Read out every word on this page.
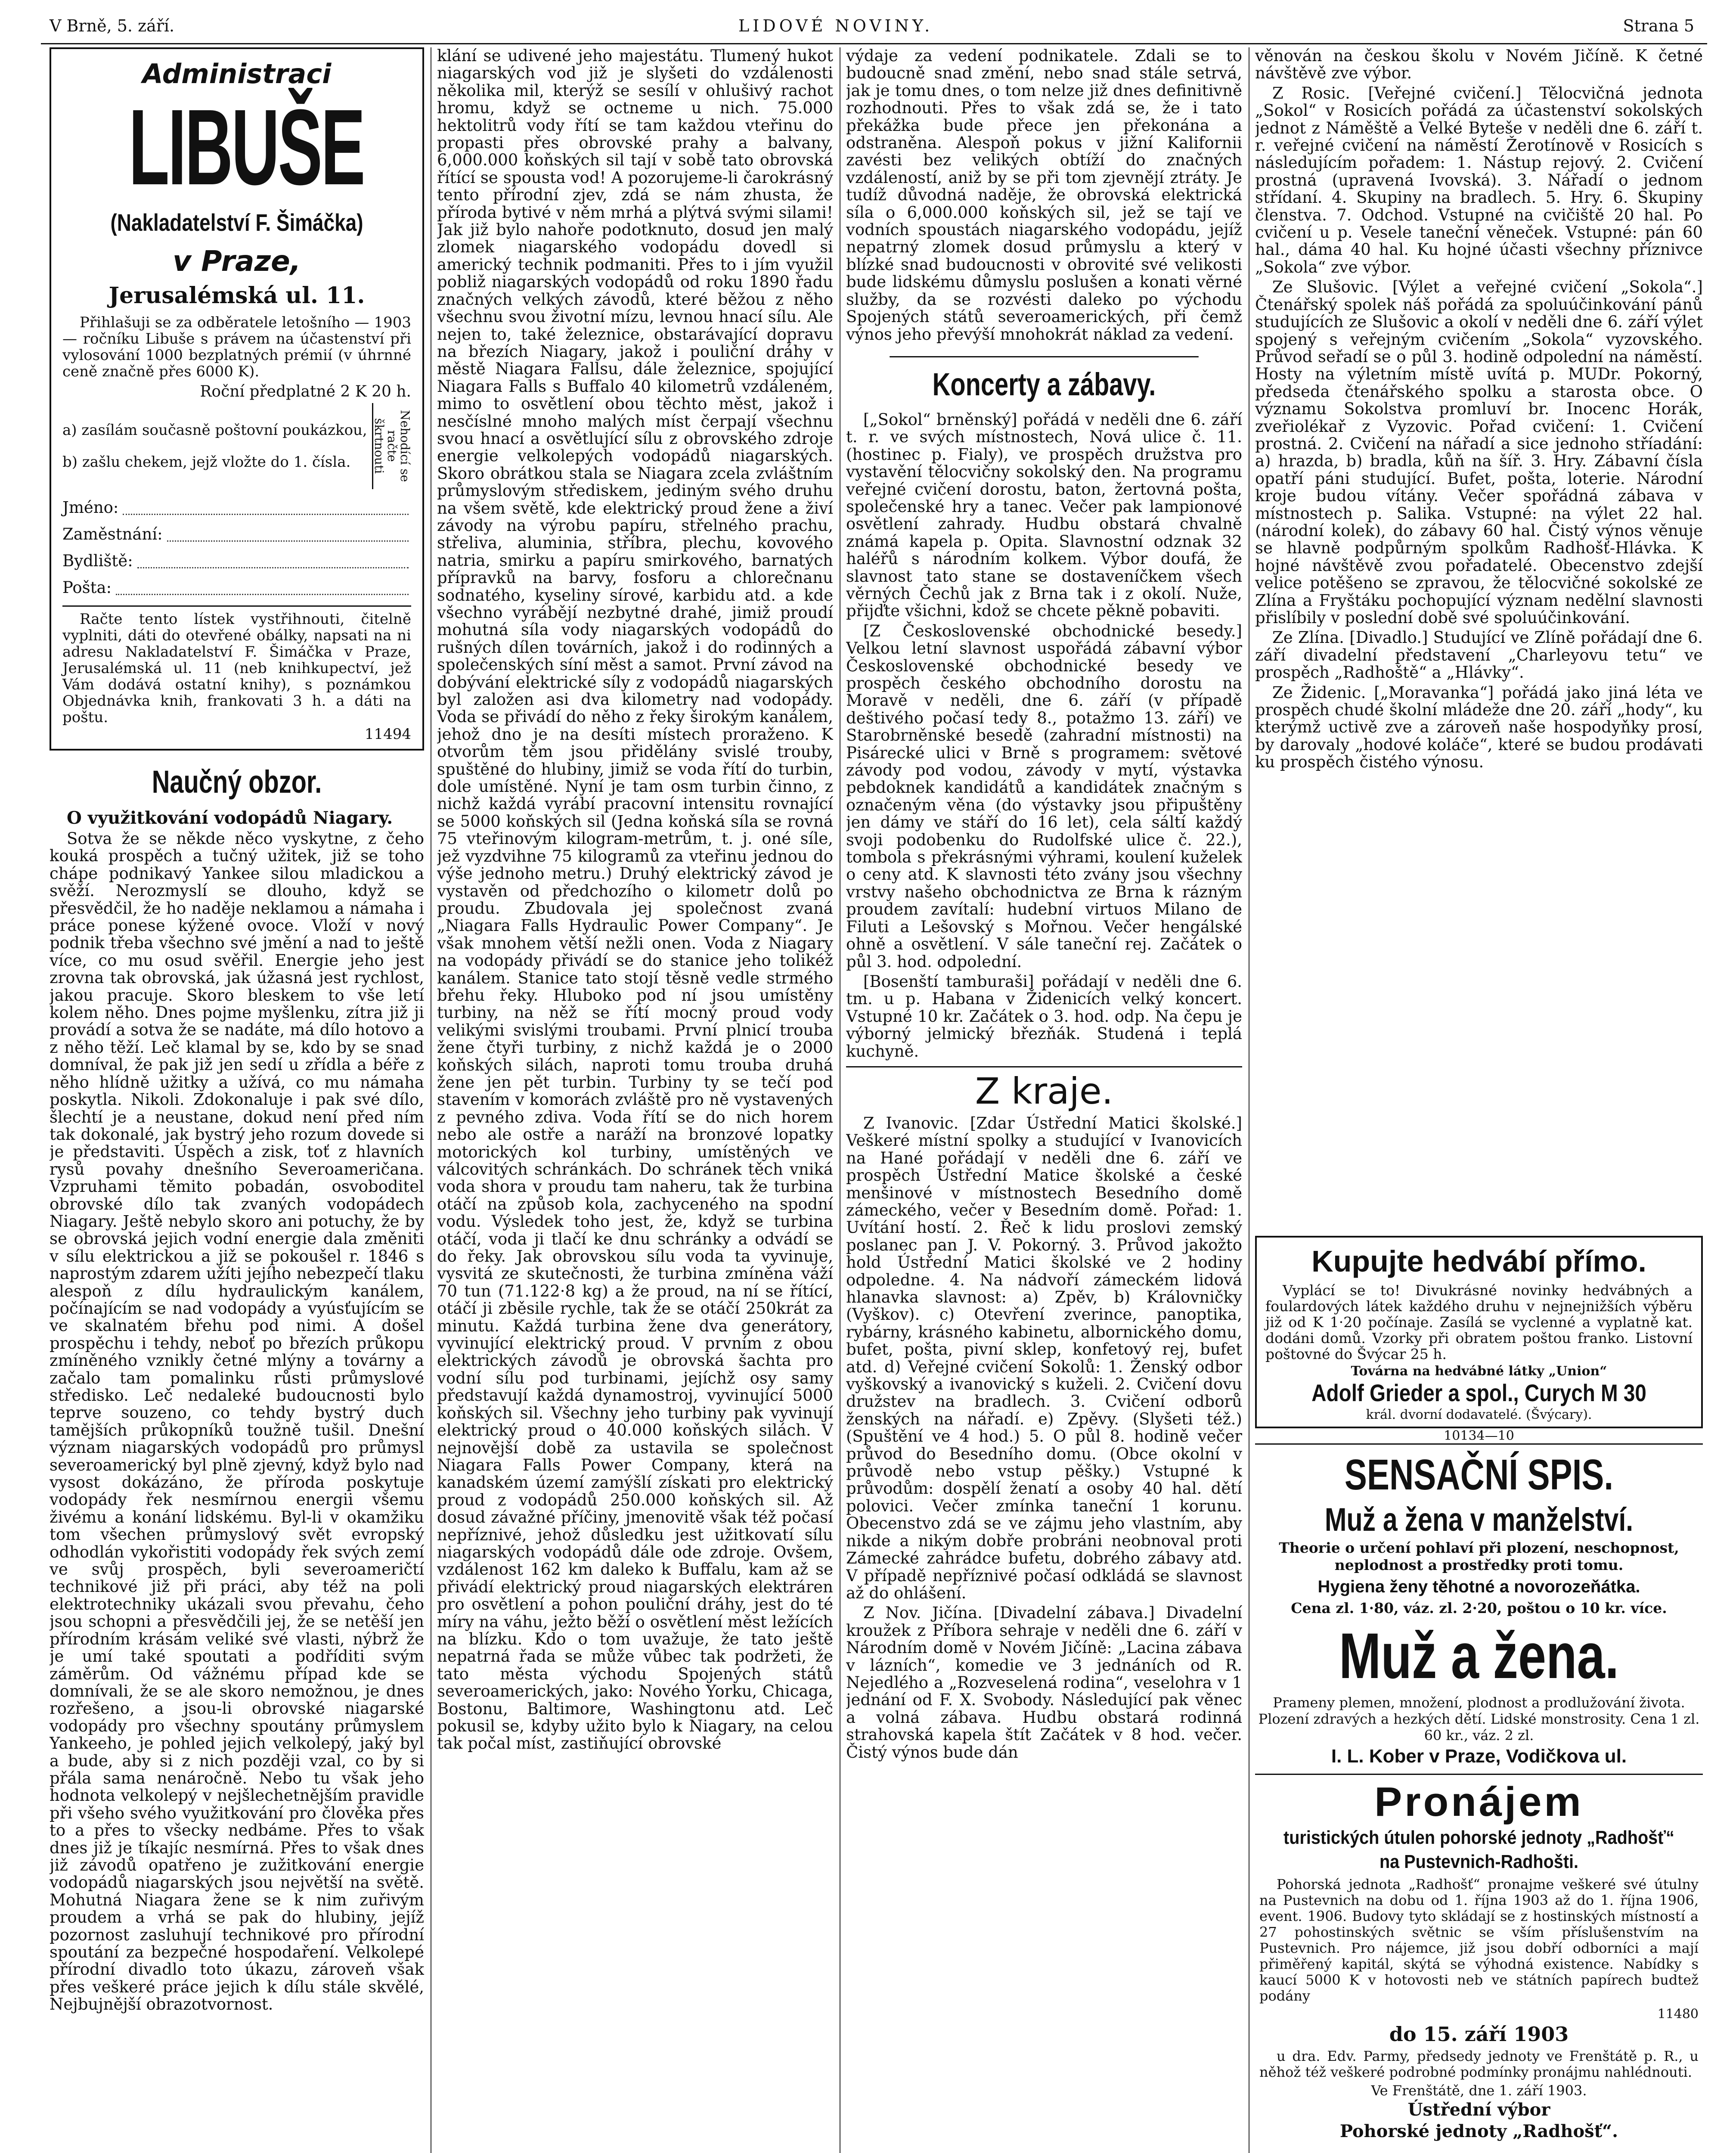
V Brně, 5. září.	LIDOVÉ NOVINY.	Strana 5
Administraci
LIBUŠE
(Nakladatelství F. Šimáčka)
v Praze,
Jerusalémská ul. 11.

Přihlašuji se za odběratele letošního — 1903 — ročníku Libuše s právem na účastenství při vylosování 1000 bezplatných prémií (v úhrnné ceně značně přes 6000 K).

Roční předplatné 2 K 20 h.

a) zasílám současně poštovní poukázkou,
b) zašlu chekem, jejž vložte do 1. čísla.	Nehodící se račte škrtnouti
Jméno:
Zaměstnání:
Bydliště:
Pošta:

Račte tento lístek vystřihnouti, čitelně vyplniti, dáti do otevřené obálky, napsati na ni adresu Nakladatelství F. Šimáčka v Praze, Jerusalémská ul. 11 (neb knihkupectví, jež Vám dodává ostatní knihy), s poznámkou Objednávka knih, frankovati 3 h. a dáti na poštu.

11494
Naučný obzor.

O využitkování vodopádů Niagary.

Sotva že se někde něco vyskytne, z čeho kouká prospěch a tučný užitek, již se toho chápe podnikavý Yankee silou mladickou a svěží. Nerozmyslí se dlouho, když se přesvědčil, že ho naděje neklamou a námaha i práce ponese kýžené ovoce. Vloží v nový podnik třeba všechno své jmění a nad to ještě více, co mu osud svěřil. Energie jeho jest zrovna tak obrovská, jak úžasná jest rychlost, jakou pracuje. Skoro bleskem to vše letí kolem něho. Dnes pojme myšlenku, zítra již ji provádí a sotva že se nadáte, má dílo hotovo a z něho těží. Leč klamal by se, kdo by se snad domníval, že pak již jen sedí u zřídla a béře z něho hlídně užitky a užívá, co mu námaha poskytla. Nikoli. Zdokonaluje i pak své dílo, šlechtí je a neustane, dokud není před ním tak dokonalé, jak bystrý jeho rozum dovede si je představiti. Úspěch a zisk, toť z hlavních rysů povahy dnešního Severoameričana. Vzpruhami těmito pobadán, osvoboditel obrovské dílo tak zvaných vodopádech Niagary. Ještě nebylo skoro ani potuchy, že by se obrovská jejich vodní energie dala změniti v sílu elektrickou a již se pokoušel r. 1846 s naprostým zdarem užíti jejího nebezpečí tlaku alespoň z dílu hydraulickým kanálem, počínajícím se nad vodopády a vyúsťujícím se ve skalnatém břehu pod nimi. A došel prospěchu i tehdy, neboť po březích průkopu zmíněného vznikly četné mlýny a továrny a začalo tam pomalinku růsti průmyslové středisko. Leč nedaleké budoucnosti bylo teprve souzeno, co tehdy bystrý duch tamějších průkopníků toužně tušil. Dnešní význam niagarských vodopádů pro průmysl severoamerický byl plně zjevný, když bylo nad vysost dokázáno, že příroda poskytuje vodopády řek nesmírnou energii všemu živému a konání lidskému. Byl-li v okamžiku tom všechen průmyslový svět evropský odhodlán vykořistiti vodopády řek svých zemí ve svůj prospěch, byli severoameričtí technikové již při práci, aby též na poli elektrotechniky ukázali svou převahu, čeho jsou schopni a přesvědčili jej, že se netěší jen přírodním krásám veliké své vlasti, nýbrž že je umí také spoutati a podříditi svým záměrům. Od vážnému případ kde se domnívali, že se ale skoro nemožnou, je dnes rozřešeno, a jsou-li obrovské niagarské vodopády pro všechny spoutány průmyslem Yankeeho, je pohled jejich velkolepý, jaký byl a bude, aby si z nich později vzal, co by si přála sama nenáročně. Nebo tu však jeho hodnota velkolepý v nejšlechetnějším pravidle při všeho svého využitkování pro člověka přes to a přes to všecky nedbáme. Přes to však dnes již je tíkajíc nesmírná. Přes to však dnes již závodů opatřeno je zužitkování energie vodopádů niagarských jsou největší na světě. Mohutná Niagara žene se k nim zuřivým proudem a vrhá se pak do hlubiny, jejíž pozornost zasluhují technikové pro přírodní spoutání za bezpečné hospodaření. Velkolepé přírodní divadlo toto úkazu, zároveň však přes veškeré práce jejich k dílu stále skvělé, Nejbujnější obrazotvornost.

klání se udivené jeho majestátu. Tlumený hukot niagarských vod již je slyšeti do vzdálenosti několika mil, kterýž se sesílí v ohlušivý rachot hromu, když se octneme u nich. 75.000 hektolitrů vody řítí se tam každou vteřinu do propasti přes obrovské prahy a balvany, 6,000.000 koňských sil tají v sobě tato obrovská řítící se spousta vod! A pozorujeme-li čarokrásný tento přírodní zjev, zdá se nám zhusta, že příroda bytivé v něm mrhá a plýtvá svými silami! Jak již bylo nahoře podotknuto, dosud jen malý zlomek niagarského vodopádu dovedl si americký technik podmaniti. Přes to i jím využil pobliž niagarských vodopádů od roku 1890 řadu značných velkých závodů, které běžou z něho všechnu svou životní mízu, levnou hnací sílu. Ale nejen to, také železnice, obstarávající dopravu na březích Niagary, jakož i pouliční dráhy v městě Niagara Fallsu, dále železnice, spojující Niagara Falls s Buffalo 40 kilometrů vzdáleném, mimo to osvětlení obou těchto měst, jakož i nesčíslné mnoho malých míst čerpají všechnu svou hnací a osvětlující sílu z obrovského zdroje energie velkolepých vodopádů niagarských. Skoro obrátkou stala se Niagara zcela zvláštním průmyslovým střediskem, jediným svého druhu na všem světě, kde elektrický proud žene a živí závody na výrobu papíru, střelného prachu, střelivа, aluminia, stříbra, plechu, kovového natria, smirku a papíru smirkového, barnatých přípravků na barvy, fosforu a chlorečnanu sodnatého, kyseliny sírové, karbidu atd. a kde všechno vyrábějí nezbytné drahé, jimiž proudí mohutná síla vody niagarských vodopádů do rušných dílen továrních, jakož i do rodinných a společenských síní měst a samot. První závod na dobývání elektrické síly z vodopádů niagarských byl založen asi dva kilometry nad vodopády. Voda se přivádí do něho z řeky širokým kanálem, jehož dno je na desíti místech proraženo. K otvorům těm jsou přidělány svislé trouby, spuštěné do hlubiny, jimiž se voda řítí do turbin, dole umístěné. Nyní je tam osm turbin činno, z nichž každá vyrábí pracovní intensitu rovnající se 5000 koňských sil (Jedna koňská síla se rovná 75 vteřinovým kilogram-metrům, t. j. oné síle, jež vyzdvihne 75 kilogramů za vteřinu jednou do výše jednoho metru.) Druhý elektrický závod je vystavěn od předchozího o kilometr dolů po proudu. Zbudovala jej společnost zvaná „Niagara Falls Hydraulic Power Company“. Je však mnohem větší nežli onen. Voda z Niagary na vodopády přivádí se do stanice jeho tolikéž kanálem. Stanice tato stojí těsně vedle strmého břehu řeky. Hluboko pod ní jsou umístěny turbiny, na něž se řítí mocný proud vody velikými svislými troubami. První plnicí trouba žene čtyři turbiny, z nichž každá je o 2000 koňských silách, naproti tomu trouba druhá žene jen pět turbin. Turbiny ty se tečí pod stavením v komorách zvláště pro ně vystavených z pevného zdiva. Voda řítí se do nich horem nebo ale ostře a naráží na bronzové lopatky motorických kol turbiny, umístěných ve válcovitých schránkách. Do schránek těch vniká voda shora v proudu tam naheru, tak že turbina otáčí na způsob kola, zachyceného na spodní vodu. Výsledek toho jest, že, když se turbina otáčí, voda ji tlačí ke dnu schránky a odvádí se do řeky. Jak obrovskou sílu voda ta vyvinuje, vysvitá ze skutečnosti, že turbina zmíněna váží 70 tun (71.122·8 kg) a že proud, na ní se řítící, otáčí ji zběsile rychle, tak že se otáčí 250krát za minutu. Každá turbina žene dva generátory, vyvinující elektrický proud. V prvním z obou elektrických závodů je obrovská šachta pro vodní sílu pod turbinami, jejíchž osy samy představují každá dynamostroj, vyvinující 5000 koňských sil. Všechny jeho turbiny pak vyvinují elektrický proud o 40.000 koňských silách. V nejnovější době za ustavila se společnost Niagara Falls Power Company, která na kanadském území zamýšlí získati pro elektrický proud z vodopádů 250.000 koňských sil. Až dosud závažné příčiny, jmenovitě však též počasí nepříznivé, jehož důsledku jest užitkovatí sílu niagarských vodopádů dále ode zdroje. Ovšem, vzdálenost 162 km daleko k Buffalu, kam až se přivádí elektrický proud niagarských elektráren pro osvětlení a pohon pouliční dráhy, jest do té míry na váhu, ježto běží o osvětlení měst ležících na blízku. Kdo o tom uvažuje, že tato ještě nepatrná řada se může vůbec tak podržeti, že tato města východu Spojených států severoamerických, jako: Nového Yorku, Chicaga, Bostonu, Baltimore, Washingtonu atd. Leč pokusil se, kdyby užito bylo k Niagary, na celou tak počal míst, zastiňující obrovské

výdaje za vedení podnikatele. Zdali se to budoucně snad změní, nebo snad stále setrvá, jak je tomu dnes, o tom nelze již dnes definitivně rozhodnouti. Přes to však zdá se, že i tato překážka bude přece jen překonána a odstraněna. Alespoň pokus v jižní Kalifornii zavésti bez velikých obtíží do značných vzdáleností, aniž by se při tom zjevnějí ztráty. Je tudíž důvodná naděje, že obrovská elektrická síla o 6,000.000 koňských sil, jež se tají ve vodních spoustách niagarského vodopádu, jejíž nepatrný zlomek dosud průmyslu a který v blízké snad budoucnosti v obrovité své velikosti bude lidskému důmyslu poslušen a konati věrné služby, da se rozvésti daleko po východu Spojených států severoamerických, při čemž výnos jeho převýší mnohokrát náklad za vedení.

Koncerty a zábavy.

[„Sokol“ brněnský] pořádá v neděli dne 6. září t. r. ve svých místnostech, Nová ulice č. 11. (hostinec p. Fialy), ve prospěch družstva pro vystavění tělocvičny sokolský den. Na programu veřejné cvičení dorostu, baton, žertovná pošta, společenské hry a tanec. Večer pak lampionové osvětlení zahrady. Hudbu obstará chvalně známá kapela p. Opita. Slavnostní odznak 32 haléřů s národním kolkem. Výbor doufá, že slavnost tato stane se dostaveníčkem všech věrných Čechů jak z Brna tak i z okolí. Nuže, přijďte všichni, kdož se chcete pěkně pobaviti.

[Z Československé obchodnické besedy.] Velkou letní slavnost uspořádá zábavní výbor Československé obchodnické besedy ve prospěch českého obchodního dorostu na Moravě v neděli, dne 6. září (v případě deštivého počasí tedy 8., potažmo 13. září) ve Starobrněnské besedě (zahradní místnosti) na Pisárecké ulici v Brně s programem: světové závody pod vodou, závody v mytí, výstavka pebdoknek kandidátů a kandidátek značným s označeným věna (do výstavky jsou připuštěny jen dámy ve stáří do 16 let), cela sáltí každý svoji podobenku do Rudolfské ulice č. 22.), tombola s překrásnými výhrami, koulení kuželek o ceny atd. K slavnosti této zvány jsou všechny vrstvy našeho obchodnictva ze Brna k rázným proudem zavítalí: hudební virtuos Milano de Filuti a Lešovský s Mořnou. Večer hengálské ohně a osvětlení. V sále taneční rej. Začátek o půl 3. hod. odpolední.

[Bosenští tamburaši] pořádají v neděli dne 6. tm. u p. Habana v Židenicích velký koncert. Vstupné 10 kr. Začátek o 3. hod. odp. Na čepu je výborný jelmický březňák. Studená i teplá kuchyně.

Z kraje.

Z Ivanovic. [Zdar Ústřední Matici školské.] Veškeré místní spolky a studující v Ivanovicích na Hané pořádají v neděli dne 6. září ve prospěch Ústřední Matice školské a české menšinové v místnostech Besedního domě zámeckého, večer v Besedním domě. Pořad: 1. Uvítání hostí. 2. Řeč k lidu proslovi zemský poslanec pan J. V. Pokorný. 3. Průvod jakožto hold Ústřední Matici školské ve 2 hodiny odpoledne. 4. Na nádvoří zámeckém lidová hlanavka slavnost: a) Zpěv, b) Královničky (Vyškov). c) Otevření zverince, panoptika, rybárny, krásného kabinetu, albornického domu, bufet, pošta, pivní sklep, konfetový rej, bufet atd. d) Veřejné cvičení Sokolů: 1. Ženský odbor vyškovský a ivanovický s kuželi. 2. Cvičení dovu družstev na bradlech. 3. Cvičení odborů ženských na nářadí. e) Zpěvy. (Slyšeti též.) (Spuštění ve 4 hod.) 5. O půl 8. hodině večer průvod do Besedního domu. (Obce okolní v průvodě nebo vstup pěšky.) Vstupné k průvodům: dospělí ženatí a osoby 40 hal. dětí polovici. Večer zmínka taneční 1 korunu. Obecenstvo zdá se ve zájmu jeho vlastním, aby nikde a nikým dobře probráni neobnoval proti Zámecké zahrádce bufetu, dobrého zábavy atd. V případě nepříznivé počasí odkládá se slavnost až do ohlášení.

Z Nov. Jičína. [Divadelní zábava.] Divadelní kroužek z Příbora sehraje v neděli dne 6. září v Národním domě v Novém Jičíně: „Lacina zábava v lázních“, komedie ve 3 jednáních od R. Nejedlého a „Rozveselená rodina“, veselohra v 1 jednání od F. X. Svobody. Následující pak věnec a volná zábava. Hudbu obstará rodinná strahovská kapela štít Začátek v 8 hod. večer. Čistý výnos bude dán

věnován na českou školu v Novém Jičíně. K četné návštěvě zve výbor.

Z Rosic. [Veřejné cvičení.] Tělocvičná jednota „Sokol“ v Rosicích pořádá za účastenství sokolských jednot z Náměště a Velké Bytеše v neděli dne 6. září t. r. veřejné cvičení na náměstí Žerotínově v Rosicích s následujícím pořadem: 1. Nástup rejový. 2. Cvičení prostná (upravená Ivovská). 3. Nářadí o jednom střídaní. 4. Skupiny na bradlech. 5. Hry. 6. Skupiny členstva. 7. Odchod. Vstupné na cvičiště 20 hal. Po cvičení u p. Vesele taneční věneček. Vstupné: pán 60 hal., dáma 40 hal. Ku hojné účasti všechny příznivce „Sokola“ zve výbor.

Ze Slušovic. [Výlet a veřejné cvičení „Sokola“.] Čtenářský spolek náš pořádá za spoluúčinkování pánů studujících ze Slušovic a okolí v neděli dne 6. září výlet spojený s veřejným cvičením „Sokola“ vyzovského. Průvod seřadí se o půl 3. hodině odpolední na náměstí. Hosty na výletním místě uvítá p. MUDr. Pokorný, předseda čtenářského spolku a starosta obce. O významu Sokolstva promluví br. Inocenc Horák, zveřiolékař z Vyzovic. Pořad cvičení: 1. Cvičení prostná. 2. Cvičení na nářadí a sice jednoho stříadání: a) hrazda, b) bradla, kůň na šíř. 3. Hry. Zábavní čísla opatří páni studující. Bufet, pošta, loterie. Národní kroje budou vítány. Večer spořádná zábava v místnostech p. Salika. Vstupné: na výlet 22 hal. (národní kolek), do zábavy 60 hal. Čistý výnos věnuje se hlavně podpůrným spolkům Radhošť-Hlávka. K hojné návštěvě zvou pořadatelé. Obecenstvo zdejší velice potěšeno se zpravou, že tělocvičné sokolské ze Zlína a Fryštáku pochopující význam nedělní slavnosti přislíbily v poslední době své spoluúčinkování.

Ze Zlína. [Divadlo.] Studující ve Zlíně pořádají dne 6. září divadelní představení „Charleyovu tetu“ ve prospěch „Radhoště“ a „Hlávky“.

Ze Židenic. [„Moravanka“] pořádá jako jiná léta ve prospěch chudé školní mládeže dne 20. září „hody“, ku kterýmž uctivě zve a zároveň naše hospodyňky prosí, by darovaly „hodové koláče“, které se budou prodávati ku prospěch čistého výnosu.

Kupujte hedvábí přímo.

Vyplácí se to! Divukrásné novinky hedvábných a foulardových látek každého druhu v nejnejnižších výběru již od K 1·20 počínaje. Zasílá se vyclenné a vyplatně kat. dodáni domů. Vzorky při obratem poštou franko. Listovní poštovné do Švýcar 25 h.

Továrna na hedvábné látky „Union“
Adolf Grieder a spol., Curych M 30
král. dvorní dodavatelé. (Švýcary).
10134—10
SENSAČNÍ SPIS.
Muž a žena v manželství.
Theorie o určení pohlaví při plození, neschopnost, neplodnost a prostředky proti tomu.
Hygiena ženy těhotné a novorozeňátka.
Cena zl. 1·80, váz. zl. 2·20, poštou o 10 kr. více.
Muž a žena.
Prameny plemen, množení, plodnost a prodlužování života. Plození zdravých a hezkých dětí. Lidské monstrosity. Cena 1 zl. 60 kr., váz. 2 zl.
I. L. Kober v Praze, Vodičkova ul.
Pronájem
turistických útulen pohorské jednoty „Radhošť“ na Pustevnich-Radhošti.

Pohorská jednota „Radhošť“ pronajme veškeré své útulny na Pustevnich na dobu od 1. října 1903 až do 1. října 1906, event. 1906. Budovy tyto skládají se z hostinských místností a 27 pohostinských světnic se vším příslušenstvím na Pustevnich. Pro nájemce, již jsou dobří odborníci a mají přiměřený kapitál, skýtá se výhodná existence. Nabídky s kaucí 5000 K v hotovosti neb ve státních papírech budtež podány

11480
do 15. září 1903

u dra. Edv. Parmy, předsedy jednoty ve Frenštátě p. R., u něhož též veškeré podrobné podmínky pronájmu nahlédnouti.

Ve Frenštátě, dne 1. září 1903.
Ústřední výbor
Pohorské jednoty „Radhošť“.
